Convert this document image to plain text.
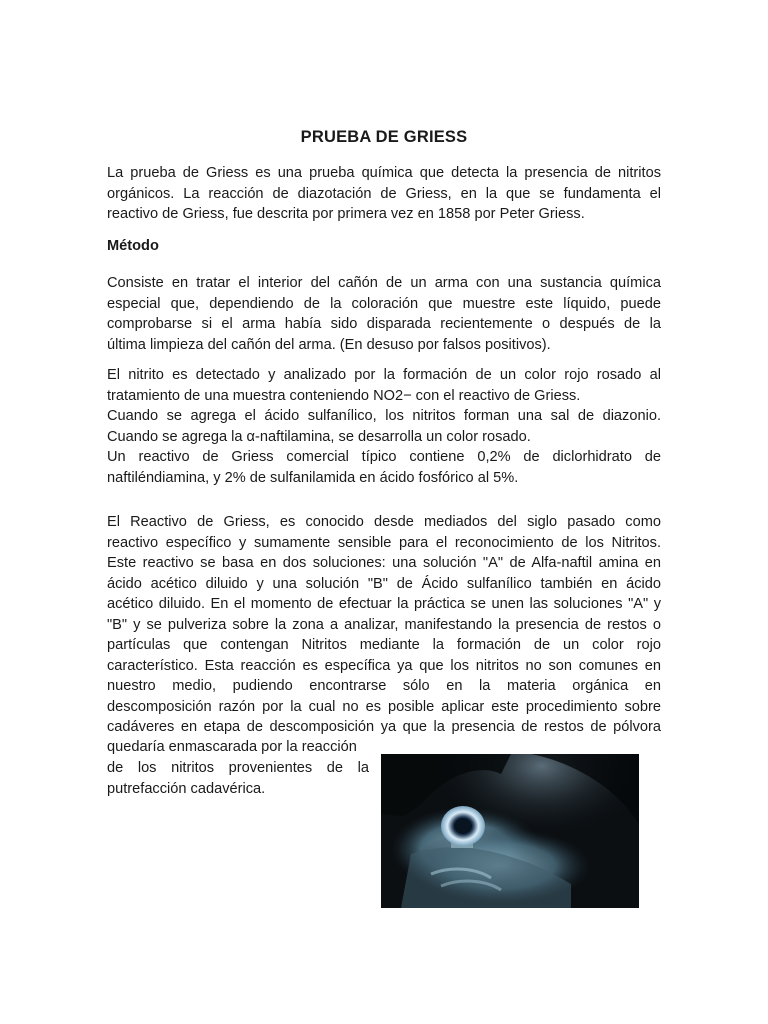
PRUEBA DE GRIESS
La prueba de Griess es una prueba química que detecta la presencia de nitritos
orgánicos. La reacción de diazotación de Griess, en la que se fundamenta el
reactivo de Griess, fue descrita por primera vez en 1858 por Peter Griess.
Método
Consiste en tratar el interior del cañón de un arma con una sustancia química
especial que, dependiendo de la coloración que muestre este líquido, puede
comprobarse si el arma había sido disparada recientemente o después de la
última limpieza del cañón del arma. (En desuso por falsos positivos).
El nitrito es detectado y analizado por la formación de un color rojo rosado al
tratamiento de una muestra conteniendo NO2− con el reactivo de Griess.
Cuando se agrega el ácido sulfanílico, los nitritos forman una sal de diazonio.
Cuando se agrega la α-naftilamina, se desarrolla un color rosado.
Un reactivo de Griess comercial típico contiene 0,2% de diclorhidrato de
naftiléndiamina, y 2% de sulfanilamida en ácido fosfórico al 5%.
El Reactivo de Griess, es conocido desde mediados del siglo pasado como
reactivo específico y sumamente sensible para el reconocimiento de los Nitritos.
Este reactivo se basa en dos soluciones: una solución "A" de Alfa-naftil amina en
ácido acético diluido y una solución "B" de Ácido sulfanílico también en ácido
acético diluido. En el momento de efectuar la práctica se unen las soluciones "A" y
"B" y se pulveriza sobre la zona a analizar, manifestando la presencia de restos o
partículas que contengan Nitritos mediante la formación de un color rojo
característico. Esta reacción es específica ya que los nitritos no son comunes en
nuestro medio, pudiendo encontrarse sólo en la materia orgánica en
descomposición razón por la cual no es posible aplicar este procedimiento sobre
cadáveres en etapa de descomposición ya que la presencia de restos de pólvora
quedaría enmascarada por la reacción
de los nitritos provenientes de la
putrefacción cadavérica.
